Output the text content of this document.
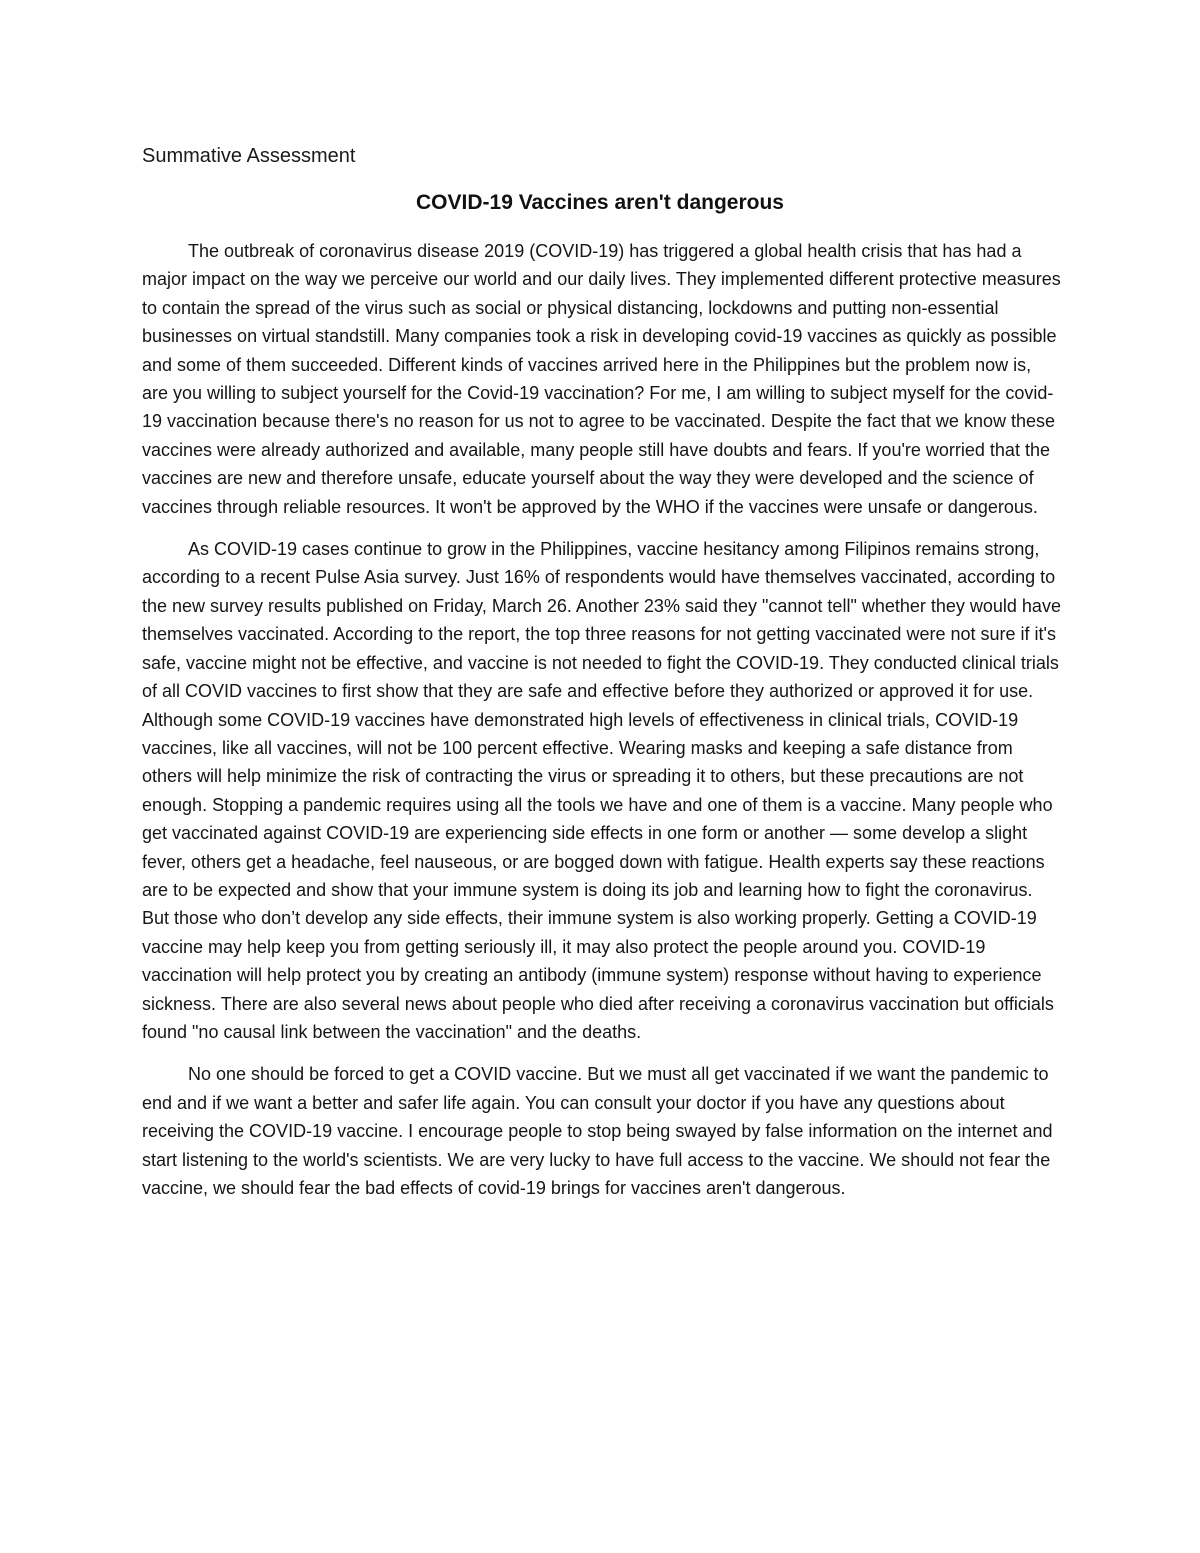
Summative Assessment
COVID-19 Vaccines aren't dangerous

The outbreak of coronavirus disease 2019 (COVID-19) has triggered a global health crisis that has had a major impact on the way we perceive our world and our daily lives. They implemented different protective measures to contain the spread of the virus such as social or physical distancing, lockdowns and putting non-essential businesses on virtual standstill. Many companies took a risk in developing covid-19 vaccines as quickly as possible and some of them succeeded. Different kinds of vaccines arrived here in the Philippines but the problem now is, are you willing to subject yourself for the Covid-19 vaccination? For me, I am willing to subject myself for the covid-19 vaccination because there's no reason for us not to agree to be vaccinated. Despite the fact that we know these vaccines were already authorized and available, many people still have doubts and fears. If you're worried that the vaccines are new and therefore unsafe, educate yourself about the way they were developed and the science of vaccines through reliable resources. It won't be approved by the WHO if the vaccines were unsafe or dangerous.

As COVID-19 cases continue to grow in the Philippines, vaccine hesitancy among Filipinos remains strong, according to a recent Pulse Asia survey. Just 16% of respondents would have themselves vaccinated, according to the new survey results published on Friday, March 26. Another 23% said they "cannot tell" whether they would have themselves vaccinated. According to the report, the top three reasons for not getting vaccinated were not sure if it's safe, vaccine might not be effective, and vaccine is not needed to fight the COVID-19. They conducted clinical trials of all COVID vaccines to first show that they are safe and effective before they authorized or approved it for use. Although some COVID-19 vaccines have demonstrated high levels of effectiveness in clinical trials, COVID-19 vaccines, like all vaccines, will not be 100 percent effective. Wearing masks and keeping a safe distance from others will help minimize the risk of contracting the virus or spreading it to others, but these precautions are not enough. Stopping a pandemic requires using all the tools we have and one of them is a vaccine. Many people who get vaccinated against COVID-19 are experiencing side effects in one form or another — some develop a slight fever, others get a headache, feel nauseous, or are bogged down with fatigue. Health experts say these reactions are to be expected and show that your immune system is doing its job and learning how to fight the coronavirus. But those who don’t develop any side effects, their immune system is also working properly. Getting a COVID-19 vaccine may help keep you from getting seriously ill, it may also protect the people around you. COVID-19 vaccination will help protect you by creating an antibody (immune system) response without having to experience sickness. There are also several news about people who died after receiving a coronavirus vaccination but officials found "no causal link between the vaccination" and the deaths.

No one should be forced to get a COVID vaccine. But we must all get vaccinated if we want the pandemic to end and if we want a better and safer life again. You can consult your doctor if you have any questions about receiving the COVID-19 vaccine. I encourage people to stop being swayed by false information on the internet and start listening to the world's scientists. We are very lucky to have full access to the vaccine. We should not fear the vaccine, we should fear the bad effects of covid-19 brings for vaccines aren't dangerous.
